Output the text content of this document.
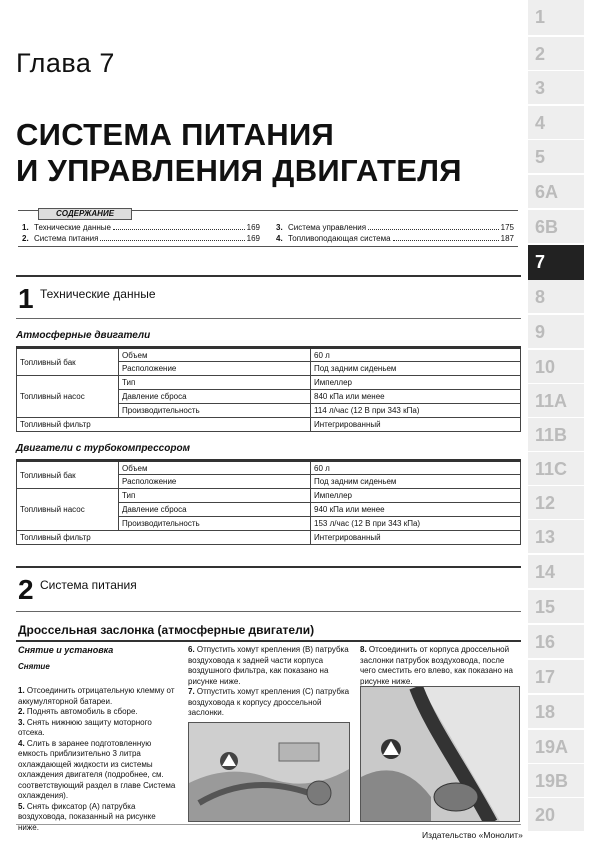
Глава 7
СИСТЕМА ПИТАНИЯ
И УПРАВЛЕНИЯ ДВИГАТЕЛЯ
СОДЕРЖАНИЕ
1. Технические данные	169
2. Система питания	169
3. Система управления	175
4. Топливоподающая система	187
1
2
3
4
5
6A
6B
7
8
9
10
11A
11B
11C
12
13
14
15
16
17
18
19A
19B
20
1 Технические данные
Атмосферные двигатели
Топливный бак	Объем	60 л
	Расположение	Под задним сиденьем
Топливный насос	Тип	Импеллер
	Давление сброса	840 кПа или менее
	Производительность	114 л/час (12 В при 343 кПа)
Топливный фильтр		Интегрированный
Двигатели с турбокомпрессором
Топливный бак	Объем	60 л
	Расположение	Под задним сиденьем
Топливный насос	Тип	Импеллер
	Давление сброса	940 кПа или менее
	Производительность	153 л/час (12 В при 343 кПа)
Топливный фильтр		Интегрированный
2 Система питания
Дроссельная заслонка (атмосферные двигатели)
Снятие и установка
Снятие

1. Отсоединить отрицательную клемму от аккумуляторной батареи.

2. Поднять автомобиль в сборе.

3. Снять нижнюю защиту моторного отсека.

4. Слить в заранее подготовленную емкость приблизительно 3 литра охлаждающей жидкости из системы охлаждения двигателя (подробнее, см. соответствующий раздел в главе Система охлаждения).

5. Снять фиксатор (A) патрубка воздуховода, показанный на рисунке ниже.

6. Отпустить хомут крепления (B) патрубка воздуховода к задней части корпуса воздушного фильтра, как показано на рисунке ниже.

7. Отпустить хомут крепления (C) патрубка воздуховода к корпусу дроссельной заслонки.

8. Отсоединить от корпуса дроссельной заслонки патрубок воздуховода, после чего сместить его влево, как показано на рисунке ниже.

Издательство «Монолит»
